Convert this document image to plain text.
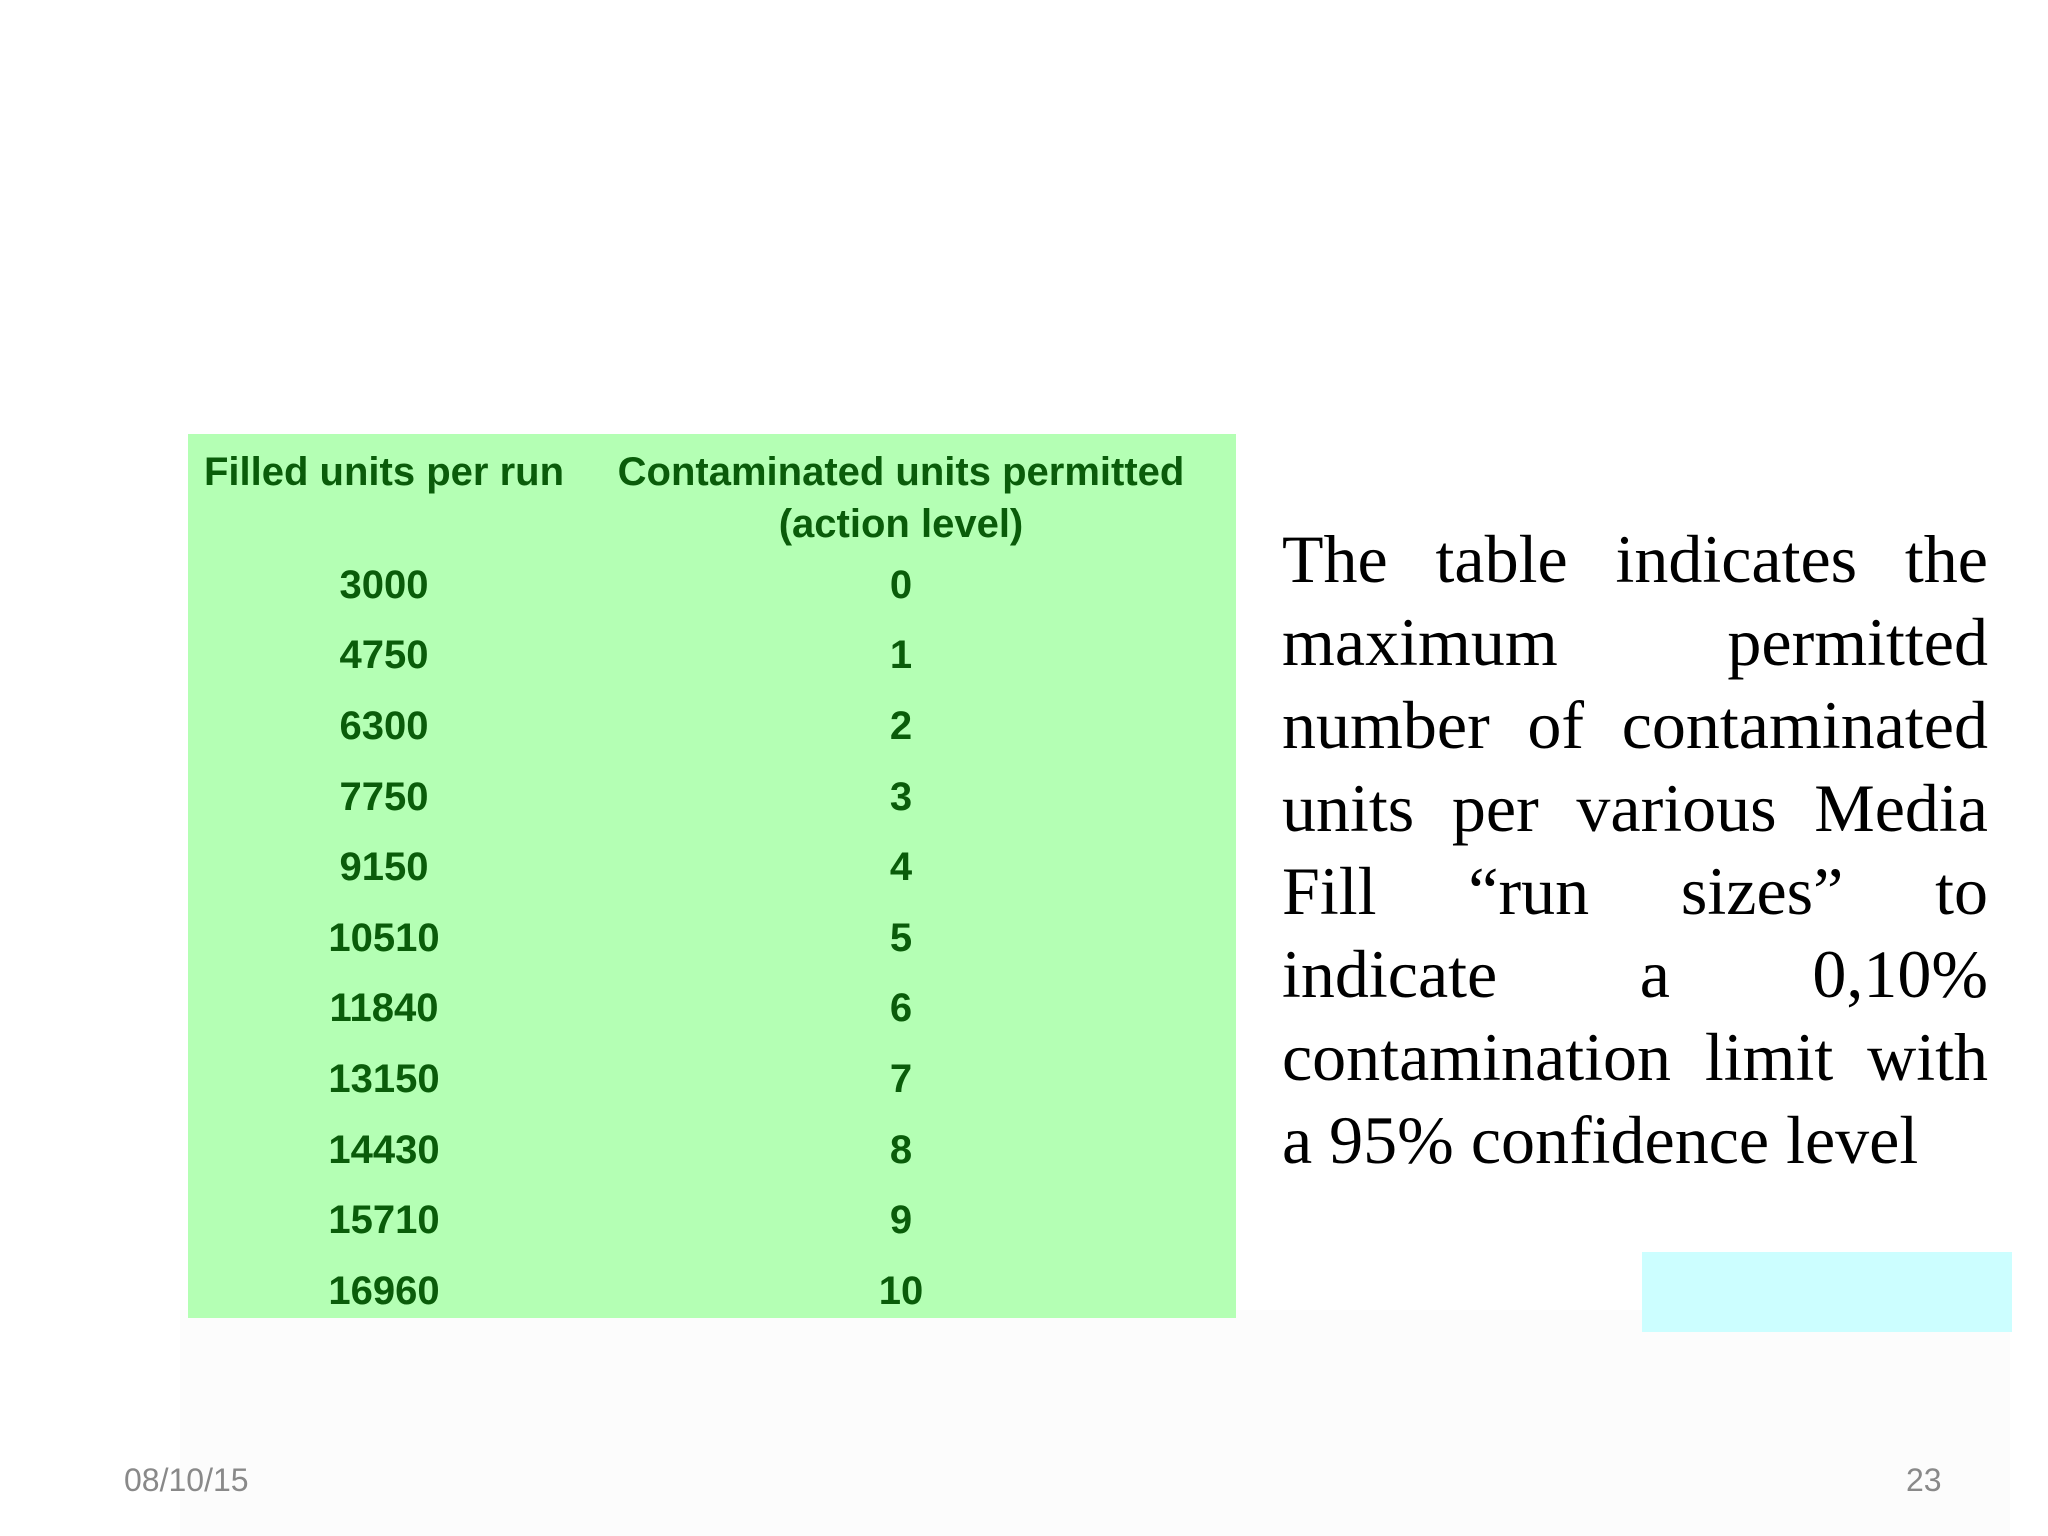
Filled units per run	Contaminated units permitted (action level)
3000	0
4750	1
6300	2
7750	3
9150	4
10510	5
11840	6
13150	7
14430	8
15710	9
16960	10
The table indicates the maximum permitted number of contaminated units per various Media Fill “run sizes” to indicate a 0,10% contamination limit with a 95% confidence level
08/10/15	23
